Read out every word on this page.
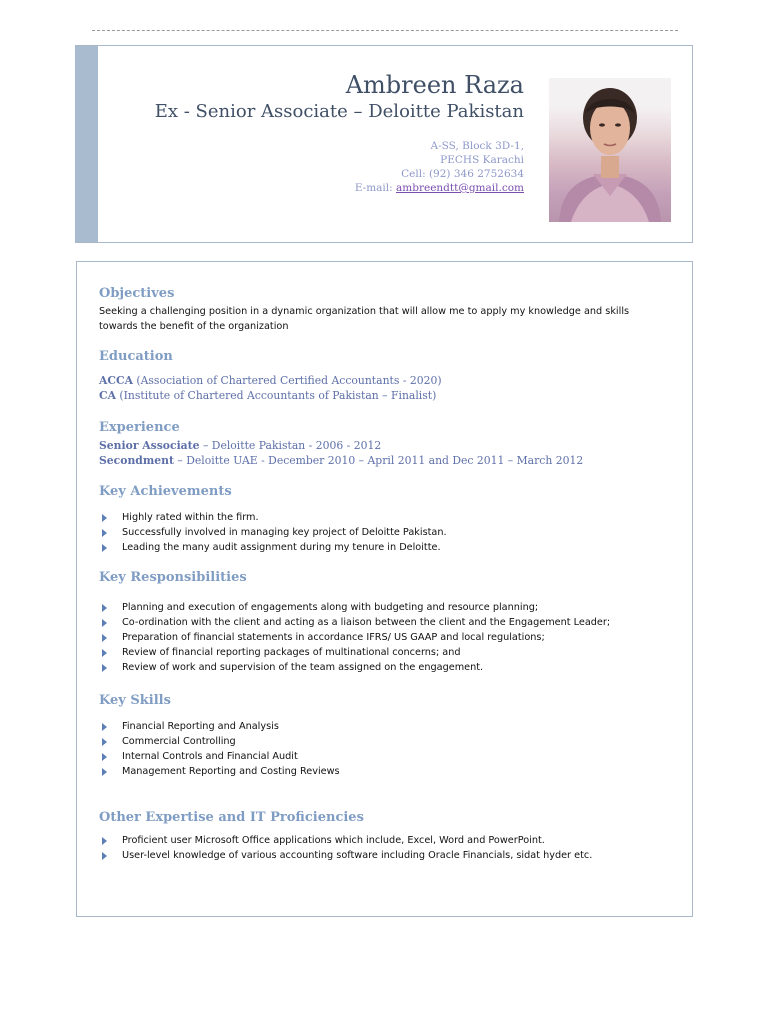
Ambreen Raza
Ex - Senior Associate – Deloitte Pakistan
A-SS, Block 3D-1,
PECHS Karachi
Cell: (92) 346 2752634
E-mail: ambreendtt@gmail.com
Objectives
Seeking a challenging position in a dynamic organization that will allow me to apply my knowledge and skills towards the benefit of the organization
Education
ACCA (Association of Chartered Certified Accountants - 2020)
CA (Institute of Chartered Accountants of Pakistan – Finalist)
Experience
Senior Associate – Deloitte Pakistan - 2006 - 2012
Secondment – Deloitte UAE - December 2010 – April 2011 and Dec 2011 – March 2012
Key Achievements
Highly rated within the firm.
Successfully involved in managing key project of Deloitte Pakistan.
Leading the many audit assignment during my tenure in Deloitte.
Key Responsibilities
Planning and execution of engagements along with budgeting and resource planning;
Co-ordination with the client and acting as a liaison between the client and the Engagement Leader;
Preparation of financial statements in accordance IFRS/ US GAAP and local regulations;
Review of financial reporting packages of multinational concerns; and
Review of work and supervision of the team assigned on the engagement.
Key Skills
Financial Reporting and Analysis
Commercial Controlling
Internal Controls and Financial Audit
Management Reporting and Costing Reviews
Other Expertise and IT Proficiencies
Proficient user Microsoft Office applications which include, Excel, Word and PowerPoint.
User-level knowledge of various accounting software including Oracle Financials, sidat hyder etc.
